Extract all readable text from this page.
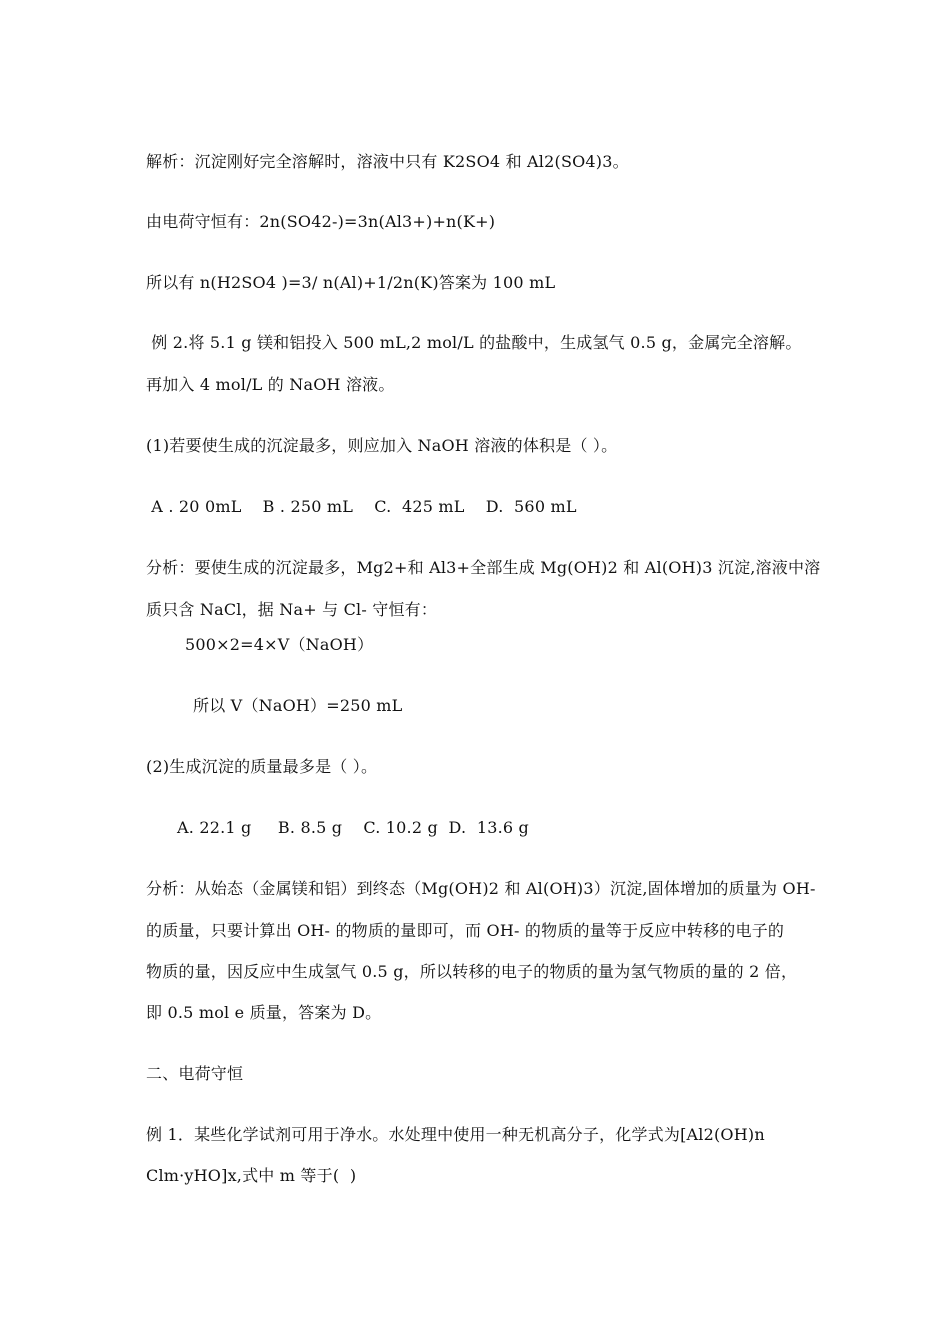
解析：沉淀刚好完全溶解时，溶液中只有 K2SO4 和 Al2(SO4)3。
由电荷守恒有：2n(SO42-)=3n(Al3+)+n(K+)
所以有 n(H2SO4 )=3/ n(Al)+1/2n(K)答案为 100 mL
例 2.将 5.1 g 镁和铝投入 500 mL,2 mol/L 的盐酸中，生成氢气 0.5 g，金属完全溶解。
再加入 4 mol/L 的 NaOH 溶液。
(1)若要使生成的沉淀最多，则应加入 NaOH 溶液的体积是（ ）。
A . 20 0mL    B . 250 mL    C.  425 mL    D.  560 mL
分析：要使生成的沉淀最多，Mg2+和 Al3+全部生成 Mg(OH)2 和 Al(OH)3 沉淀,溶液中溶
质只含 NaCl，据 Na+ 与 Cl- 守恒有：
500×2=4×V（NaOH）
所以 V（NaOH）=250 mL
(2)生成沉淀的质量最多是（ ）。
A. 22.1 g     B. 8.5 g    C. 10.2 g  D.  13.6 g
分析：从始态（金属镁和铝）到终态（Mg(OH)2 和 Al(OH)3）沉淀,固体增加的质量为 OH-
的质量，只要计算出 OH- 的物质的量即可，而 OH- 的物质的量等于反应中转移的电子的
物质的量，因反应中生成氢气 0.5 g，所以转移的电子的物质的量为氢气物质的量的 2 倍，
即 0.5 mol e 质量，答案为 D。
二、电荷守恒
例 1．某些化学试剂可用于净水。水处理中使用一种无机高分子，化学式为[Al2(OH)n
Clm·yHO]x,式中 m 等于(  )
